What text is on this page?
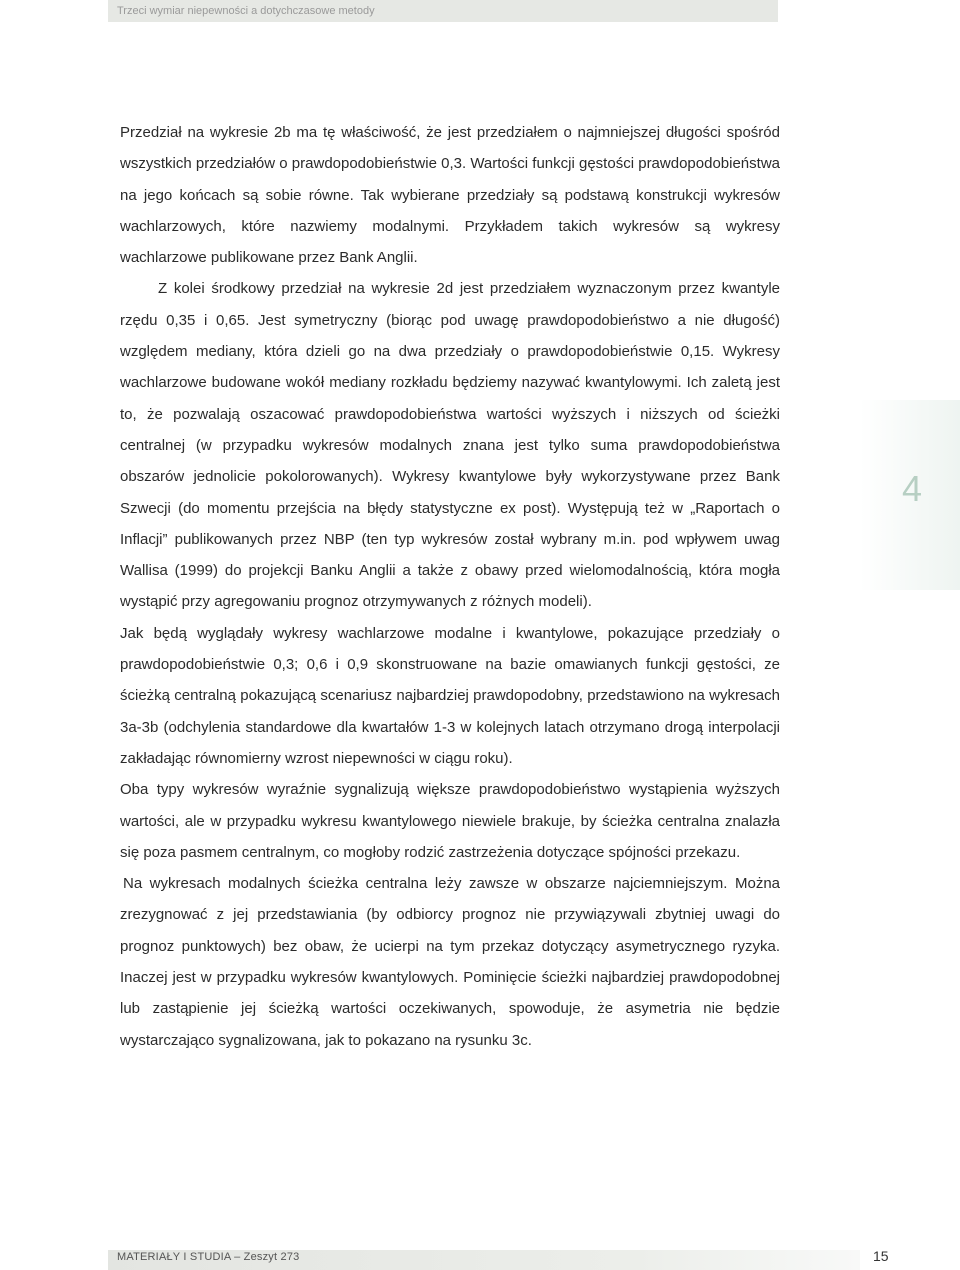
Trzeci wymiar niepewności a dotychczasowe metody

Przedział na wykresie 2b ma tę właściwość, że jest przedziałem o najmniejszej długości spośród wszystkich przedziałów o prawdopodobieństwie 0,3. Wartości funkcji gęstości prawdopodobieństwa na jego końcach są sobie równe. Tak wybierane przedziały są podstawą konstrukcji wykresów wachlarzowych, które nazwiemy modalnymi. Przykładem takich wykresów są wykresy wachlarzowe publikowane przez Bank Anglii.

Z kolei środkowy przedział na wykresie 2d jest przedziałem wyznaczonym przez kwantyle rzędu 0,35 i 0,65. Jest symetryczny (biorąc pod uwagę prawdopodobieństwo a nie długość) względem mediany, która dzieli go na dwa przedziały o prawdopodobieństwie 0,15. Wykresy wachlarzowe budowane wokół mediany rozkładu będziemy nazywać kwantylowymi. Ich zaletą jest to, że pozwalają oszacować prawdopodobieństwa wartości wyższych i niższych od ścieżki centralnej (w przypadku wykresów modalnych znana jest tylko suma prawdopodobieństwa obszarów jednolicie pokolorowanych). Wykresy kwantylowe były wykorzystywane przez Bank Szwecji (do momentu przejścia na błędy statystyczne ex post). Występują też w „Raportach o Inflacji” publikowanych przez NBP (ten typ wykresów został wybrany m.in. pod wpływem uwag Wallisa (1999) do projekcji Banku Anglii a także z obawy przed wielomodalnością, która mogła wystąpić przy agregowaniu prognoz otrzymywanych z różnych modeli).

Jak będą wyglądały wykresy wachlarzowe modalne i kwantylowe, pokazujące przedziały o prawdopodobieństwie 0,3; 0,6 i 0,9 skonstruowane na bazie omawianych funkcji gęstości, ze ścieżką centralną pokazującą scenariusz najbardziej prawdopodobny, przedstawiono na wykresach 3a-3b (odchylenia standardowe dla kwartałów 1-3 w kolejnych latach otrzymano drogą interpolacji zakładając równomierny wzrost niepewności w ciągu roku).

Oba typy wykresów wyraźnie sygnalizują większe prawdopodobieństwo wystąpienia wyższych wartości, ale w przypadku wykresu kwantylowego niewiele brakuje, by ścieżka centralna znalazła się poza pasmem centralnym, co mogłoby rodzić zastrzeżenia dotyczące spójności przekazu.

Na wykresach modalnych ścieżka centralna leży zawsze w obszarze najciemniejszym. Można zrezygnować z jej przedstawiania (by odbiorcy prognoz nie przywiązywali zbytniej uwagi do prognoz punktowych) bez obaw, że ucierpi na tym przekaz dotyczący asymetrycznego ryzyka. Inaczej jest w przypadku wykresów kwantylowych. Pominięcie ścieżki najbardziej prawdopodobnej lub zastąpienie jej ścieżką wartości oczekiwanych, spowoduje, że asymetria nie będzie wystarczająco sygnalizowana, jak to pokazano na rysunku 3c.

4
MATERIAŁY I STUDIA – Zeszyt 273	15
